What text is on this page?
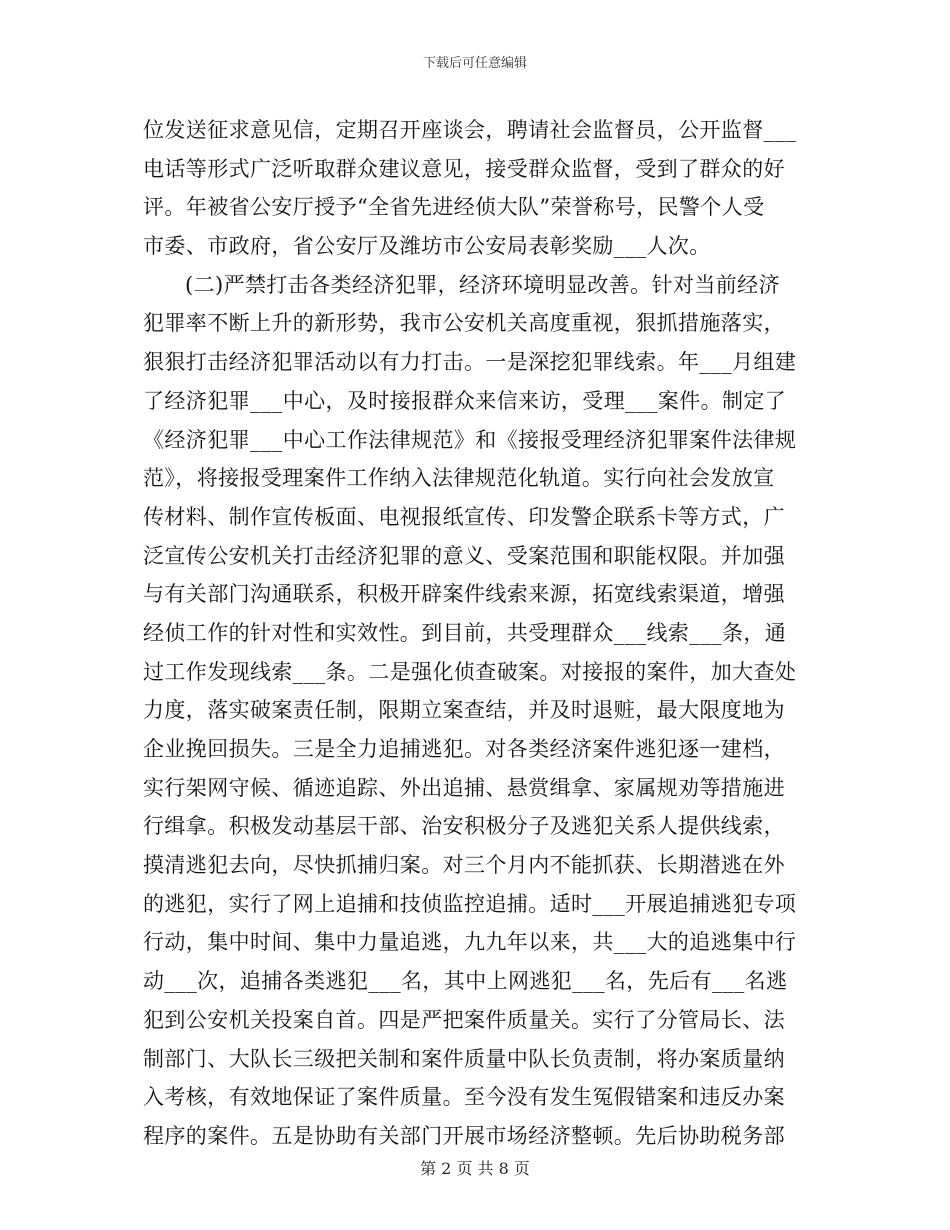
下载后可任意编辑
位发送征求意见信，定期召开座谈会，聘请社会监督员，公开监督___
电话等形式广泛听取群众建议意见，接受群众监督，受到了群众的好
评。年被省公安厅授予“全省先进经侦大队”荣誉称号，民警个人受
市委、市政府，省公安厅及潍坊市公安局表彰奖励___人次。
(二)严禁打击各类经济犯罪，经济环境明显改善。针对当前经济
犯罪率不断上升的新形势，我市公安机关高度重视，狠抓措施落实，
狠狠打击经济犯罪活动以有力打击。一是深挖犯罪线索。年___月组建
了经济犯罪___中心，及时接报群众来信来访，受理___案件。制定了
《经济犯罪___中心工作法律规范》和《接报受理经济犯罪案件法律规
范》，将接报受理案件工作纳入法律规范化轨道。实行向社会发放宣
传材料、制作宣传板面、电视报纸宣传、印发警企联系卡等方式，广
泛宣传公安机关打击经济犯罪的意义、受案范围和职能权限。并加强
与有关部门沟通联系，积极开辟案件线索来源，拓宽线索渠道，增强
经侦工作的针对性和实效性。到目前，共受理群众___线索___条，通
过工作发现线索___条。二是强化侦查破案。对接报的案件，加大查处
力度，落实破案责任制，限期立案查结，并及时退赃，最大限度地为
企业挽回损失。三是全力追捕逃犯。对各类经济案件逃犯逐一建档，
实行架网守候、循迹追踪、外出追捕、悬赏缉拿、家属规劝等措施进
行缉拿。积极发动基层干部、治安积极分子及逃犯关系人提供线索，
摸清逃犯去向，尽快抓捕归案。对三个月内不能抓获、长期潜逃在外
的逃犯，实行了网上追捕和技侦监控追捕。适时___开展追捕逃犯专项
行动，集中时间、集中力量追逃，九九年以来，共___大的追逃集中行
动___次，追捕各类逃犯___名，其中上网逃犯___名，先后有___名逃
犯到公安机关投案自首。四是严把案件质量关。实行了分管局长、法
制部门、大队长三级把关制和案件质量中队长负责制，将办案质量纳
入考核，有效地保证了案件质量。至今没有发生冤假错案和违反办案
程序的案件。五是协助有关部门开展市场经济整顿。先后协助税务部
第 2 页 共 8 页
